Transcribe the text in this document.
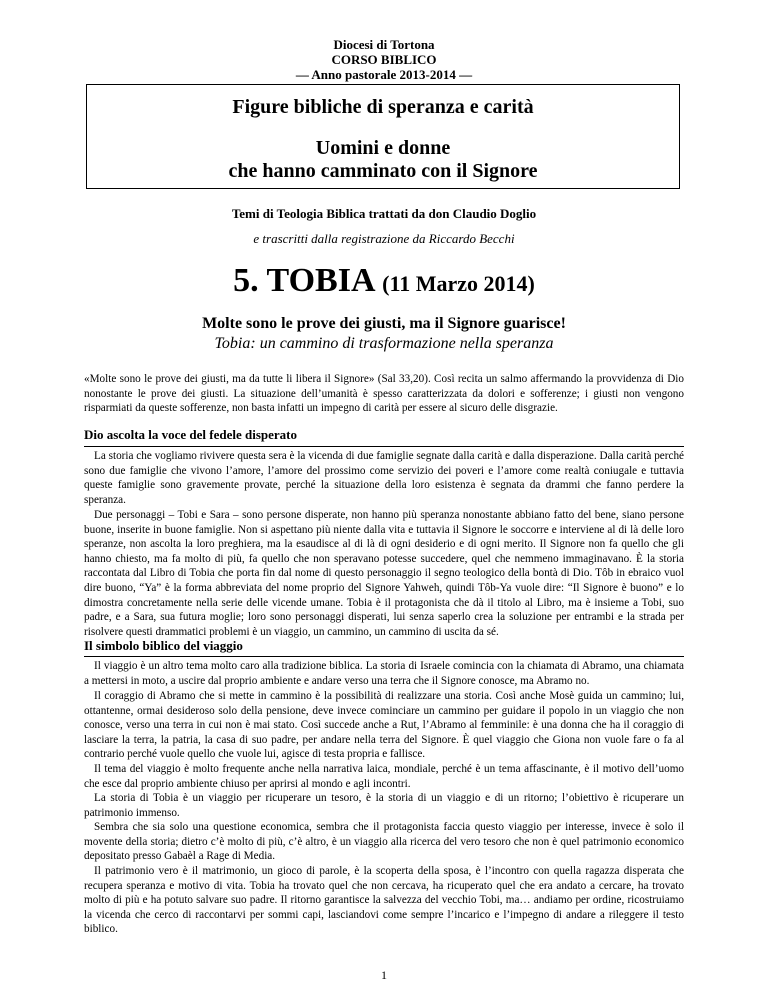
Diocesi di Tortona
CORSO BIBLICO
— Anno pastorale 2013-2014 —
Figure bibliche di speranza e carità
Uomini e donne
che hanno camminato con il Signore
Temi di Teologia Biblica trattati da don Claudio Doglio
e trascritti dalla registrazione da Riccardo Becchi
5. TOBIA (11 Marzo 2014)
Molte sono le prove dei giusti, ma il Signore guarisce!
Tobia: un cammino di trasformazione nella speranza

«Molte sono le prove dei giusti, ma da tutte li libera il Signore» (Sal 33,20). Così recita un salmo affermando la provvidenza di Dio nonostante le prove dei giusti. La situazione dell’umanità è spesso caratterizzata da dolori e sofferenze; i giusti non vengono risparmiati da queste sofferenze, non basta infatti un impegno di carità per essere al sicuro delle disgrazie.

Dio ascolta la voce del fedele disperato

La storia che vogliamo rivivere questa sera è la vicenda di due famiglie segnate dalla carità e dalla disperazione. Dalla carità perché sono due famiglie che vivono l’amore, l’amore del prossimo come servizio dei poveri e l’amore come realtà coniugale e tuttavia queste famiglie sono gravemente provate, perché la situazione della loro esistenza è segnata da drammi che fanno perdere la speranza.

Due personaggi – Tobi e Sara – sono persone disperate, non hanno più speranza nonostante abbiano fatto del bene, siano persone buone, inserite in buone famiglie. Non si aspettano più niente dalla vita e tuttavia il Signore le soccorre e interviene al di là delle loro speranze, non ascolta la loro preghiera, ma la esaudisce al di là di ogni desiderio e di ogni merito. Il Signore non fa quello che gli hanno chiesto, ma fa molto di più, fa quello che non speravano potesse succedere, quel che nemmeno immaginavano. È la storia raccontata dal Libro di Tobia che porta fin dal nome di questo personaggio il segno teologico della bontà di Dio. Tôb in ebraico vuol dire buono, “Ya” è la forma abbreviata del nome proprio del Signore Yahweh, quindi Tôb-Ya vuole dire: “Il Signore è buono” e lo dimostra concretamente nella serie delle vicende umane. Tobia è il protagonista che dà il titolo al Libro, ma è insieme a Tobi, suo padre, e a Sara, sua futura moglie; loro sono personaggi disperati, lui senza saperlo crea la soluzione per entrambi e la strada per risolvere questi drammatici problemi è un viaggio, un cammino, un cammino di uscita da sé.

Il simbolo biblico del viaggio

Il viaggio è un altro tema molto caro alla tradizione biblica. La storia di Israele comincia con la chiamata di Abramo, una chiamata a mettersi in moto, a uscire dal proprio ambiente e andare verso una terra che il Signore conosce, ma Abramo no.

Il coraggio di Abramo che si mette in cammino è la possibilità di realizzare una storia. Così anche Mosè guida un cammino; lui, ottantenne, ormai desideroso solo della pensione, deve invece cominciare un cammino per guidare il popolo in un viaggio che non conosce, verso una terra in cui non è mai stato. Così succede anche a Rut, l’Abramo al femminile: è una donna che ha il coraggio di lasciare la terra, la patria, la casa di suo padre, per andare nella terra del Signore. È quel viaggio che Giona non vuole fare o fa al contrario perché vuole quello che vuole lui, agisce di testa propria e fallisce.

Il tema del viaggio è molto frequente anche nella narrativa laica, mondiale, perché è un tema affascinante, è il motivo dell’uomo che esce dal proprio ambiente chiuso per aprirsi al mondo e agli incontri.

La storia di Tobia è un viaggio per ricuperare un tesoro, è la storia di un viaggio e di un ritorno; l’obiettivo è ricuperare un patrimonio immenso.

Sembra che sia solo una questione economica, sembra che il protagonista faccia questo viaggio per interesse, invece è solo il movente della storia; dietro c’è molto di più, c’è altro, è un viaggio alla ricerca del vero tesoro che non è quel patrimonio economico depositato presso Gabaèl a Rage di Media.

Il patrimonio vero è il matrimonio, un gioco di parole, è la scoperta della sposa, è l’incontro con quella ragazza disperata che recupera speranza e motivo di vita. Tobia ha trovato quel che non cercava, ha ricuperato quel che era andato a cercare, ha trovato molto di più e ha potuto salvare suo padre. Il ritorno garantisce la salvezza del vecchio Tobi, ma… andiamo per ordine, ricostruiamo la vicenda che cerco di raccontarvi per sommi capi, lasciandovi come sempre l’incarico e l’impegno di andare a rileggere il testo biblico.

1
